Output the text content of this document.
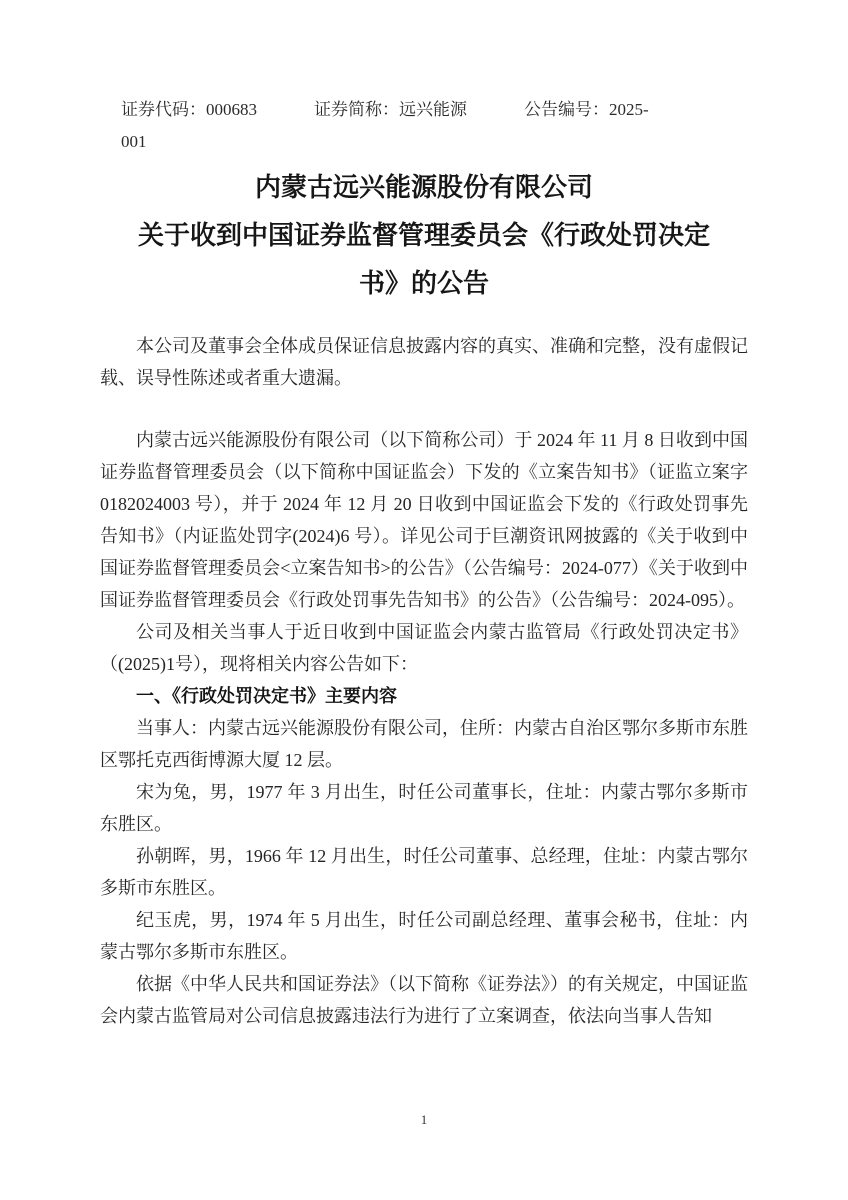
证券代码：000683	证券简称：远兴能源	公告编号：2025-
001
内蒙古远兴能源股份有限公司
关于收到中国证券监督管理委员会《行政处罚决定
书》的公告

本公司及董事会全体成员保证信息披露内容的真实、准确和完整，没有虚假记载、误导性陈述或者重大遗漏。

内蒙古远兴能源股份有限公司（以下简称公司）于 2024 年 11 月 8 日收到中国证券监督管理委员会（以下简称中国证监会）下发的《立案告知书》（证监立案字 0182024003 号），并于 2024 年 12 月 20 日收到中国证监会下发的《行政处罚事先告知书》（内证监处罚字(2024)6 号）。详见公司于巨潮资讯网披露的《关于收到中国证券监督管理委员会<立案告知书>的公告》（公告编号：2024-077）《关于收到中国证券监督管理委员会《行政处罚事先告知书》的公告》（公告编号：2024-095）。

公司及相关当事人于近日收到中国证监会内蒙古监管局《行政处罚决定书》（(2025)1号），现将相关内容公告如下：

一、《行政处罚决定书》主要内容

当事人：内蒙古远兴能源股份有限公司，住所：内蒙古自治区鄂尔多斯市东胜区鄂托克西街博源大厦 12 层。

宋为兔，男，1977 年 3 月出生，时任公司董事长，住址：内蒙古鄂尔多斯市东胜区。

孙朝晖，男，1966 年 12 月出生，时任公司董事、总经理，住址：内蒙古鄂尔多斯市东胜区。

纪玉虎，男，1974 年 5 月出生，时任公司副总经理、董事会秘书，住址：内蒙古鄂尔多斯市东胜区。

依据《中华人民共和国证券法》（以下简称《证券法》）的有关规定，中国证监会内蒙古监管局对公司信息披露违法行为进行了立案调查，依法向当事人告知

1
